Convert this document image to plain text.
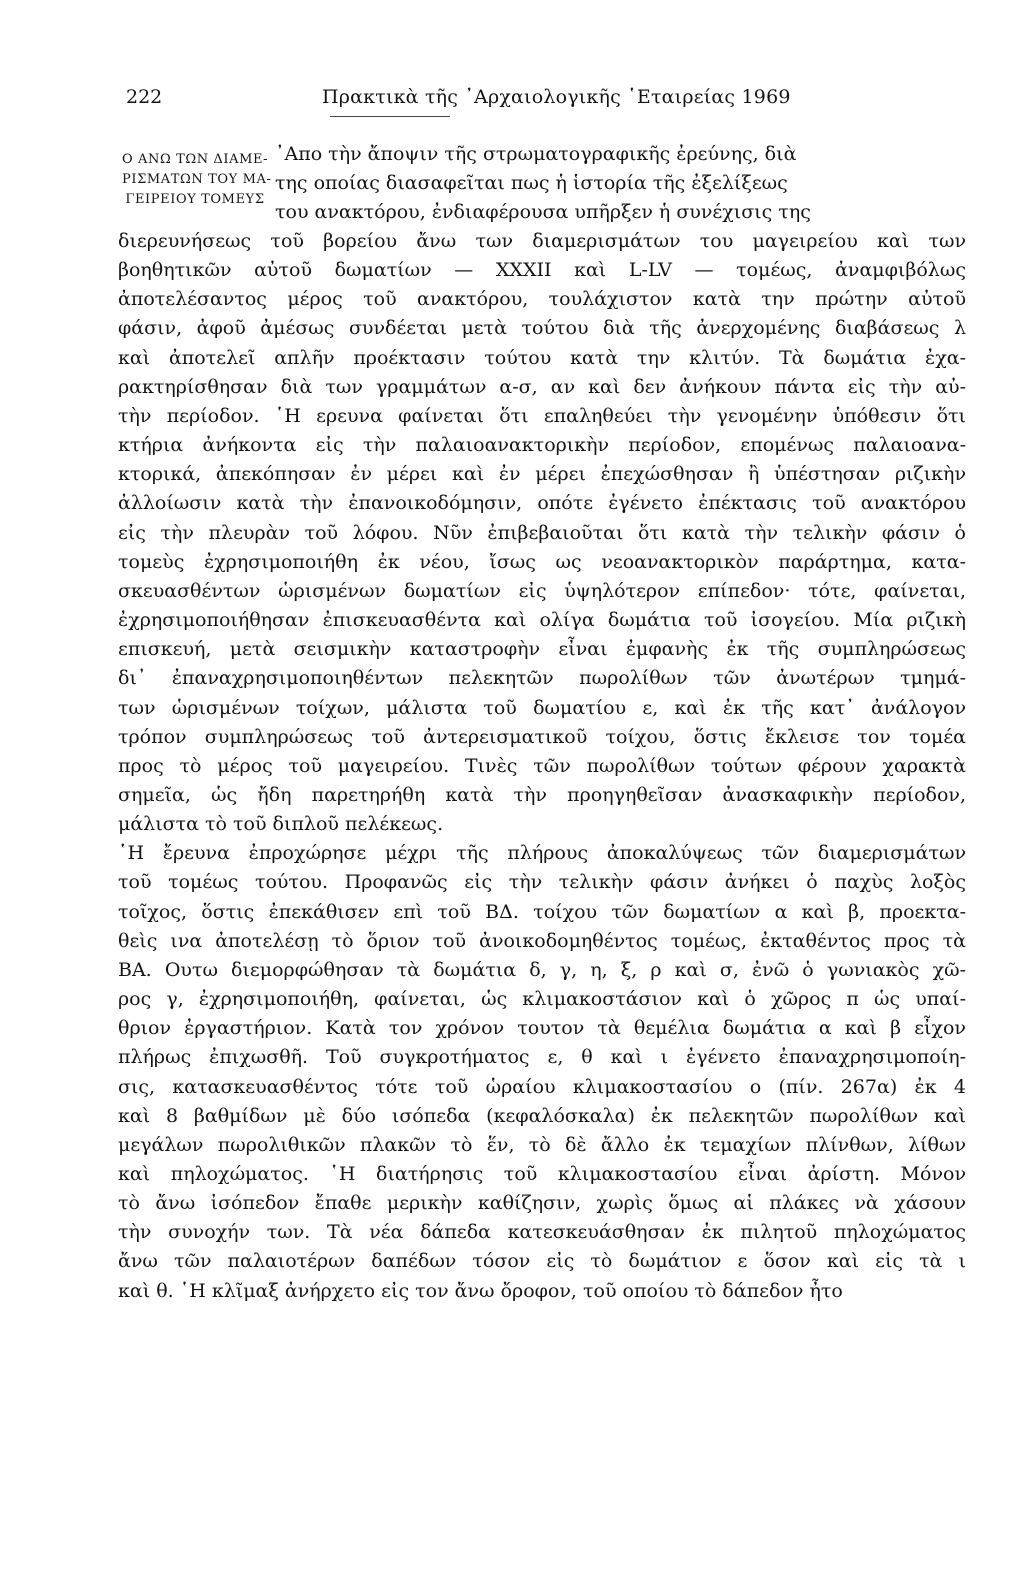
222	Πρακτικὰ τῆς ᾿Αρχαιολογικῆς ῾Εταιρείας 1969
Ο ΑΝΩ ΤΩΝ ΔΙΑΜΕ-
ΡΙΣΜΑΤΩΝ ΤΟΥ ΜΑ-
ΓΕΙΡΕΙΟΥ ΤΟΜΕΥΣ
᾿Απο τὴν ἄποψιν τῆς στρωματογραφικῆς ἐρεύνης, διὰ
της οποίας διασαφεῖται πως ἡ ἱστορία τῆς ἐξελίξεως
του ανακτόρου, ἐνδιαφέρουσα υπῆρξεν ἡ συνέχισις της
διερευνήσεως τοῦ βορείου ἄνω των διαμερισμάτων του μαγειρείου καὶ των
βοηθητικῶν αὐτοῦ δωματίων — XXXII καὶ L-LV — τομέως, ἀναμφιβόλως
ἀποτελέσαντος μέρος τοῦ ανακτόρου, τουλάχιστον κατὰ την πρώτην αὐτοῦ
φάσιν, ἀφοῦ ἀμέσως συνδέεται μετὰ τούτου διὰ τῆς ἀνερχομένης διαβάσεως λ
καὶ ἀποτελεῖ απλῆν προέκτασιν τούτου κατὰ την κλιτύν. Τὰ δωμάτια ἐχα-
ρακτηρίσθησαν διὰ των γραμμάτων α-σ, αν καὶ δεν ἀνήκουν πάντα εἰς τὴν αὐ-
τὴν περίοδον. ῾Η ερευνα φαίνεται ὅτι επαληθεύει τὴν γενομένην ὑπόθεσιν ὅτι
κτήρια ἀνήκοντα εἰς τὴν παλαιοανακτορικὴν περίοδον, επομένως παλαιοανα-
κτορικά, ἀπεκόπησαν ἐν μέρει καὶ ἐν μέρει ἐπεχώσθησαν ἢ ὑπέστησαν ριζικὴν
ἀλλοίωσιν κατὰ τὴν ἐπανοικοδόμησιν, οπότε ἐγένετο ἐπέκτασις τοῦ ανακτόρου
εἰς τὴν πλευρὰν τοῦ λόφου. Νῦν ἐπιβεβαιοῦται ὅτι κατὰ τὴν τελικὴν φάσιν ὁ
τομεὺς ἐχρησιμοποιήθη ἐκ νέου, ἴσως ως νεοανακτορικὸν παράρτημα, κατα-
σκευασθέντων ὡρισμένων δωματίων εἰς ὑψηλότερον επίπεδον· τότε, φαίνεται,
ἐχρησιμοποιήθησαν ἐπισκευασθέντα καὶ ολίγα δωμάτια τοῦ ἰσογείου. Μία ριζικὴ
επισκευή, μετὰ σεισμικὴν καταστροφὴν εἶναι ἐμφανὴς ἐκ τῆς συμπληρώσεως
δι᾿ ἐπαναχρησιμοποιηθέντων πελεκητῶν πωρολίθων τῶν ἀνωτέρων τμημά-
των ὡρισμένων τοίχων, μάλιστα τοῦ δωματίου ε, καὶ ἐκ τῆς κατ᾿ ἀνάλογον
τρόπον συμπληρώσεως τοῦ ἀντερεισματικοῦ τοίχου, ὅστις ἔκλεισε τον τομέα
προς τὸ μέρος τοῦ μαγειρείου. Τινὲς τῶν πωρολίθων τούτων φέρουν χαρακτὰ
σημεῖα, ὡς ἤδη παρετηρήθη κατὰ τὴν προηγηθεῖσαν ἀνασκαφικὴν περίοδον,
μάλιστα τὸ τοῦ διπλοῦ πελέκεως.
῾Η ἔρευνα ἐπροχώρησε μέχρι τῆς πλήρους ἀποκαλύψεως τῶν διαμερισμάτων
τοῦ τομέως τούτου. Προφανῶς εἰς τὴν τελικὴν φάσιν ἀνήκει ὁ παχὺς λοξὸς
τοῖχος, ὅστις ἐπεκάθισεν επὶ τοῦ ΒΔ. τοίχου τῶν δωματίων α καὶ β, προεκτα-
θεὶς ινα ἀποτελέσῃ τὸ ὅριον τοῦ ἀνοικοδομηθέντος τομέως, ἐκταθέντος προς τὰ
ΒΑ. Ουτω διεμορφώθησαν τὰ δωμάτια δ, γ, η, ξ, ρ καὶ σ, ἐνῶ ὁ γωνιακὸς χῶ-
ρος γ, ἐχρησιμοποιήθη, φαίνεται, ὡς κλιμακοστάσιον καὶ ὁ χῶρος π ὡς υπαί-
θριον ἐργαστήριον. Κατὰ τον χρόνον τουτον τὰ θεμέλια δωμάτια α καὶ β εἶχον
πλήρως ἐπιχωσθῆ. Τοῦ συγκροτήματος ε, θ καὶ ι ἐγένετο ἐπαναχρησιμοποίη-
σις, κατασκευασθέντος τότε τοῦ ὡραίου κλιμακοστασίου ο (πίν. 267α) ἐκ 4
καὶ 8 βαθμίδων μὲ δύο ισόπεδα (κεφαλόσκαλα) ἐκ πελεκητῶν πωρολίθων καὶ
μεγάλων πωρολιθικῶν πλακῶν τὸ ἕν, τὸ δὲ ἄλλο ἐκ τεμαχίων πλίνθων, λίθων
καὶ πηλοχώματος. ῾Η διατήρησις τοῦ κλιμακοστασίου εἶναι ἀρίστη. Μόνον
τὸ ἄνω ἰσόπεδον ἔπαθε μερικὴν καθίζησιν, χωρὶς ὅμως αἱ πλάκες νὰ χάσουν
τὴν συνοχήν των. Τὰ νέα δάπεδα κατεσκευάσθησαν ἐκ πιλητοῦ πηλοχώματος
ἄνω τῶν παλαιοτέρων δαπέδων τόσον εἰς τὸ δωμάτιον ε ὅσον καὶ εἰς τὰ ι
καὶ θ. ῾Η κλῖμαξ ἀνήρχετο εἰς τον ἄνω ὄροφον, τοῦ οποίου τὸ δάπεδον ἦτο
